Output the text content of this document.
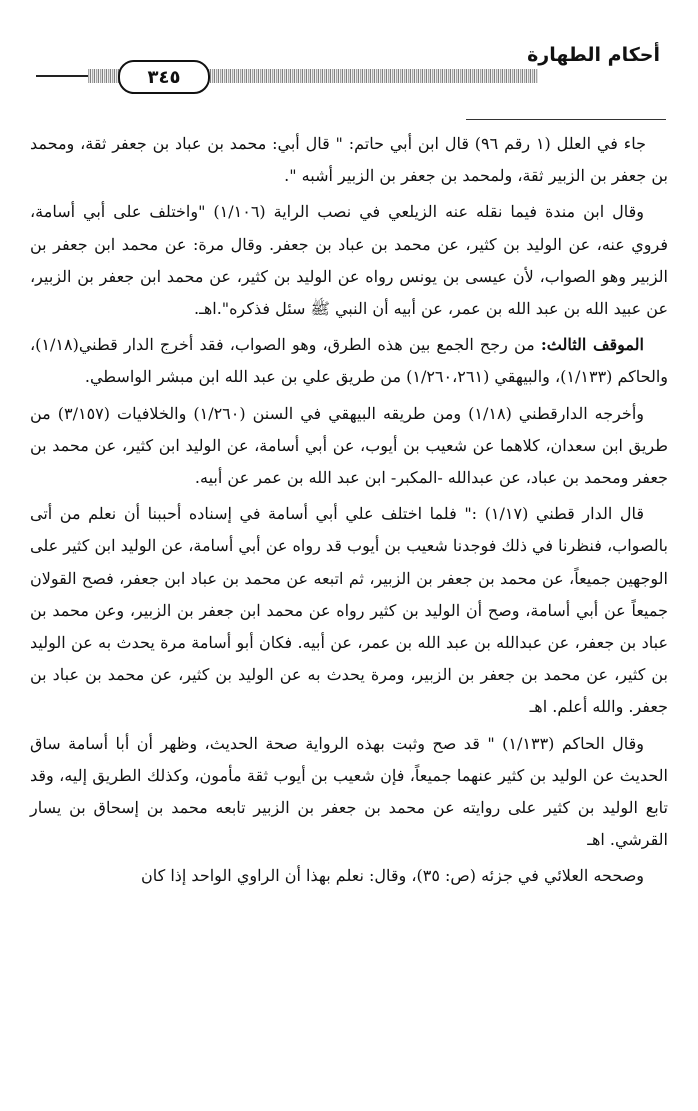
أحكام الطهارة
٣٤٥

جاء في العلل (١ رقم ٩٦) قال ابن أبي حاتم: " قال أبي: محمد بن عباد بن جعفر ثقة، ومحمد بن جعفر بن الزبير ثقة، ولمحمد بن جعفر بن الزبير أشبه ".

وقال ابن مندة فيما نقله عنه الزيلعي في نصب الراية (١/١٠٦) "واختلف على أبي أسامة، فروي عنه، عن الوليد بن كثير، عن محمد بن عباد بن جعفر. وقال مرة: عن محمد ابن جعفر بن الزبير وهو الصواب، لأن عيسى بن يونس رواه عن الوليد بن كثير، عن محمد ابن جعفر بن الزبير، عن عبيد الله بن عبد الله بن عمر، عن أبيه أن النبي ﷺ سئل فذكره".اهـ.

الموقف الثالث: من رجح الجمع بين هذه الطرق، وهو الصواب، فقد أخرج الدار قطني(١/١٨)، والحاكم (١/١٣٣)، والبيهقي (١/٢٦٠،٢٦١) من طريق علي بن عبد الله ابن مبشر الواسطي.

وأخرجه الدارقطني (١/١٨) ومن طريقه البيهقي في السنن (١/٢٦٠) والخلافيات (٣/١٥٧) من طريق ابن سعدان، كلاهما عن شعيب بن أيوب، عن أبي أسامة، عن الوليد ابن كثير، عن محمد بن جعفر ومحمد بن عباد، عن عبدالله -المكبر- ابن عبد الله بن عمر عن أبيه.

قال الدار قطني (١/١٧) :" فلما اختلف علي أبي أسامة في إسناده أحببنا أن نعلم من أتى بالصواب، فنظرنا في ذلك فوجدنا شعيب بن أيوب قد رواه عن أبي أسامة، عن الوليد ابن كثير على الوجهين جميعاً، عن محمد بن جعفر بن الزبير، ثم اتبعه عن محمد بن عباد ابن جعفر، فصح القولان جميعاً عن أبي أسامة، وصح أن الوليد بن كثير رواه عن محمد ابن جعفر بن الزبير، وعن محمد بن عباد بن جعفر، عن عبدالله بن عبد الله بن عمر، عن أبيه. فكان أبو أسامة مرة يحدث به عن الوليد بن كثير، عن محمد بن جعفر بن الزبير، ومرة يحدث به عن الوليد بن كثير، عن محمد بن عباد بن جعفر. والله أعلم. اهـ

وقال الحاكم (١/١٣٣) " قد صح وثبت بهذه الرواية صحة الحديث، وظهر أن أبا أسامة ساق الحديث عن الوليد بن كثير عنهما جميعاً، فإن شعيب بن أيوب ثقة مأمون، وكذلك الطريق إليه، وقد تابع الوليد بن كثير على روايته عن محمد بن جعفر بن الزبير تابعه محمد بن إسحاق بن يسار القرشي. اهـ

وصححه العلائي في جزئه (ص: ٣٥)، وقال: نعلم بهذا أن الراوي الواحد إذا كان
